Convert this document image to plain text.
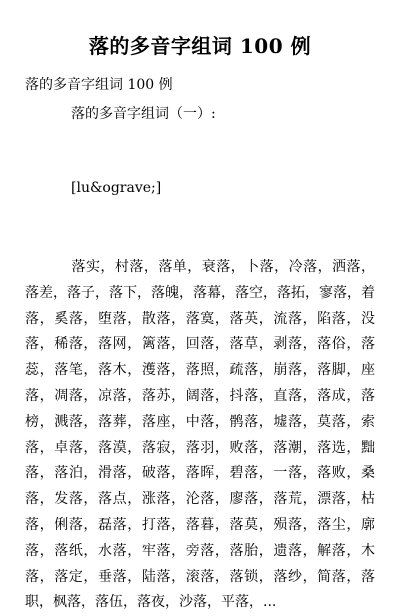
落的多音字组词 100 例
落的多音字组词 100 例
落的多音字组词（一）:
[lu&ograve;]
落实，村落，落单，衰落，卜落，冷落，洒落，落差，落子，落下，落魄，落幕，落空，落拓，寥落，着落，奚落，堕落，散落，落寞，落英，流落，陷落，没落，稀落，落网，篱落，回落，落草，剥落，落俗，落蕊，落笔，落木，濩落，落照，疏落，崩落，落脚，座落，凋落，凉落，落苏，阔落，抖落，直落，落成，落榜，溅落，落葬，落座，中落，鹘落，墟落，莫落，索落，卓落，落漠，落寂，落羽，败落，落潮，落选，黜落，落泊，滑落，破落，落晖，碧落，一落，落败，桑落，发落，落点，涨落，沦落，廖落，落荒，漂落，枯落，俐落，磊落，打落，落暮，落莫，殒落，落尘，廓落，落纸，水落，牢落，旁落，落胎，遗落，解落，木落，落定，垂落，陆落，滚落，落锁，落纱，简落，落职，枫落，落伍，落夜，沙落，平落，...
